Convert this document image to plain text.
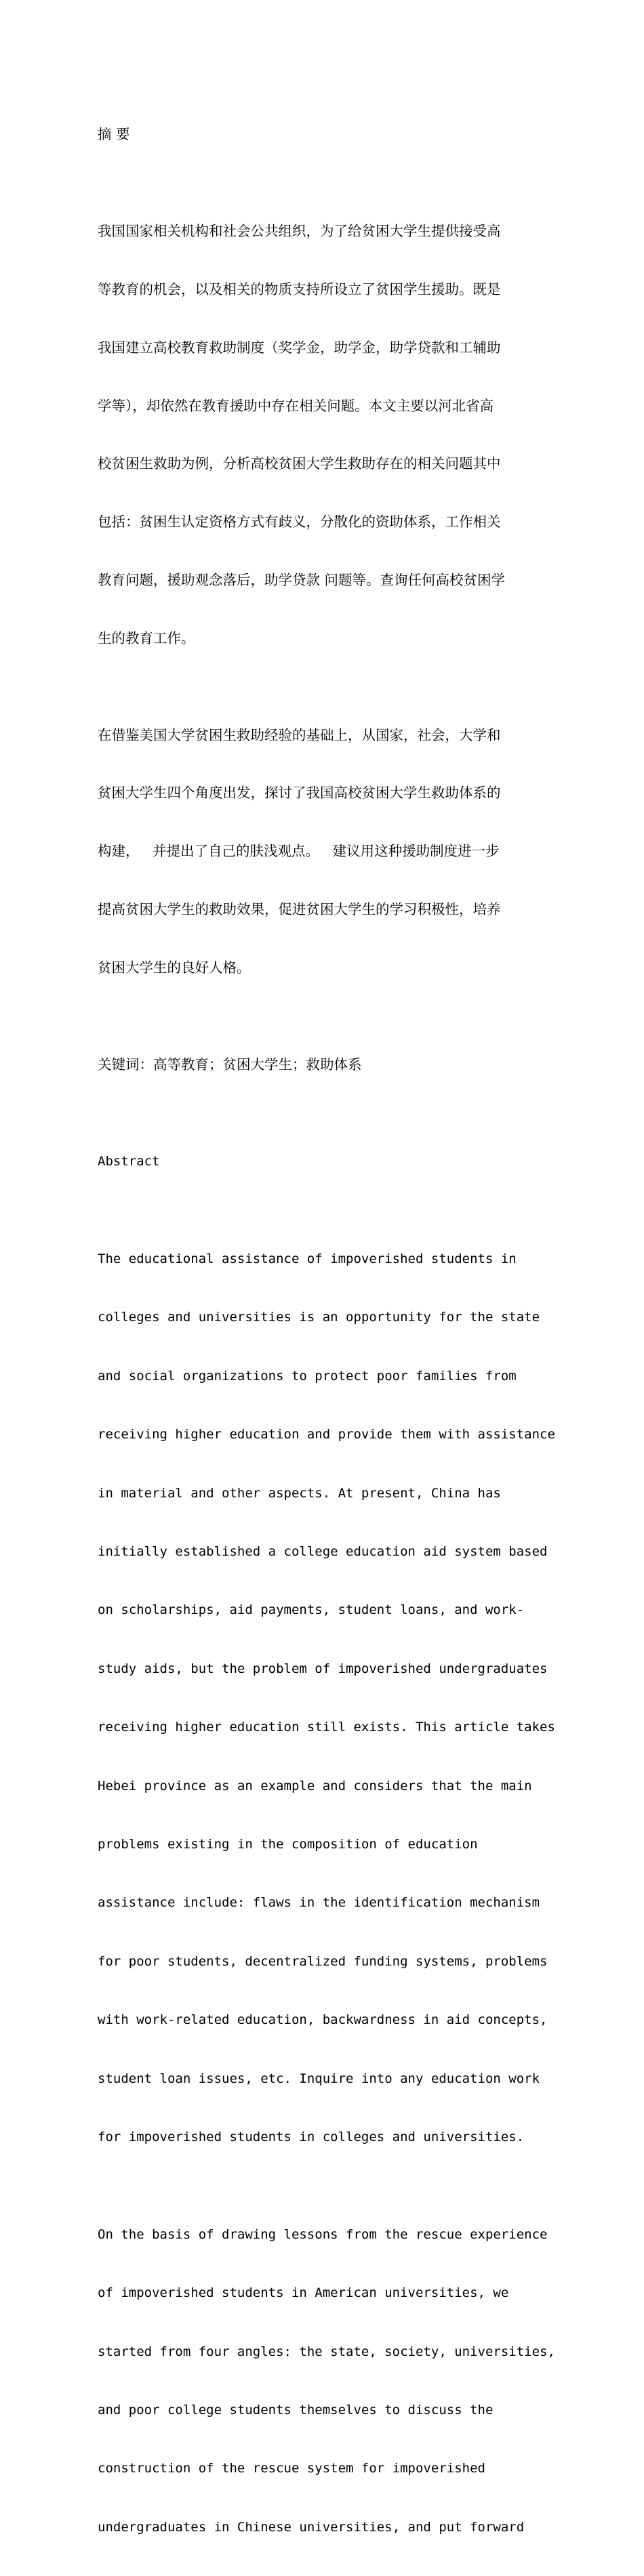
摘 要

我国国家相关机构和社会公共组织，为了给贫困大学生提供接受高

等教育的机会，以及相关的物质支持所设立了贫困学生援助。既是

我国建立高校教育救助制度（奖学金，助学金，助学贷款和工辅助

学等），却依然在教育援助中存在相关问题。本文主要以河北省高

校贫困生救助为例，分析高校贫困大学生救助存在的相关问题其中

包括：贫困生认定资格方式有歧义，分散化的资助体系，工作相关

教育问题，援助观念落后，助学贷款 问题等。查询任何高校贫困学

生的教育工作。

在借鉴美国大学贫困生救助经验的基础上，从国家，社会，大学和

贫困大学生四个角度出发，探讨了我国高校贫困大学生救助体系的

构建，   并提出了自己的肤浅观点。   建议用这种援助制度进一步

提高贫困大学生的救助效果，促进贫困大学生的学习积极性，培养

贫困大学生的良好人格。

关键词：高等教育；贫困大学生；救助体系

Abstract

The educational assistance of impoverished students in

colleges and universities is an opportunity for the state

and social organizations to protect poor families from

receiving higher education and provide them with assistance

in material and other aspects. At present, China has

initially established a college education aid system based

on scholarships, aid payments, student loans, and work-

study aids, but the problem of impoverished undergraduates

receiving higher education still exists. This article takes

Hebei province as an example and considers that the main

problems existing in the composition of education

assistance include: flaws in the identification mechanism

for poor students, decentralized funding systems, problems

with work-related education, backwardness in aid concepts,

student loan issues, etc. Inquire into any education work

for impoverished students in colleges and universities.

On the basis of drawing lessons from the rescue experience

of impoverished students in American universities, we

started from four angles: the state, society, universities,

and poor college students themselves to discuss the

construction of the rescue system for impoverished

undergraduates in Chinese universities, and put forward
